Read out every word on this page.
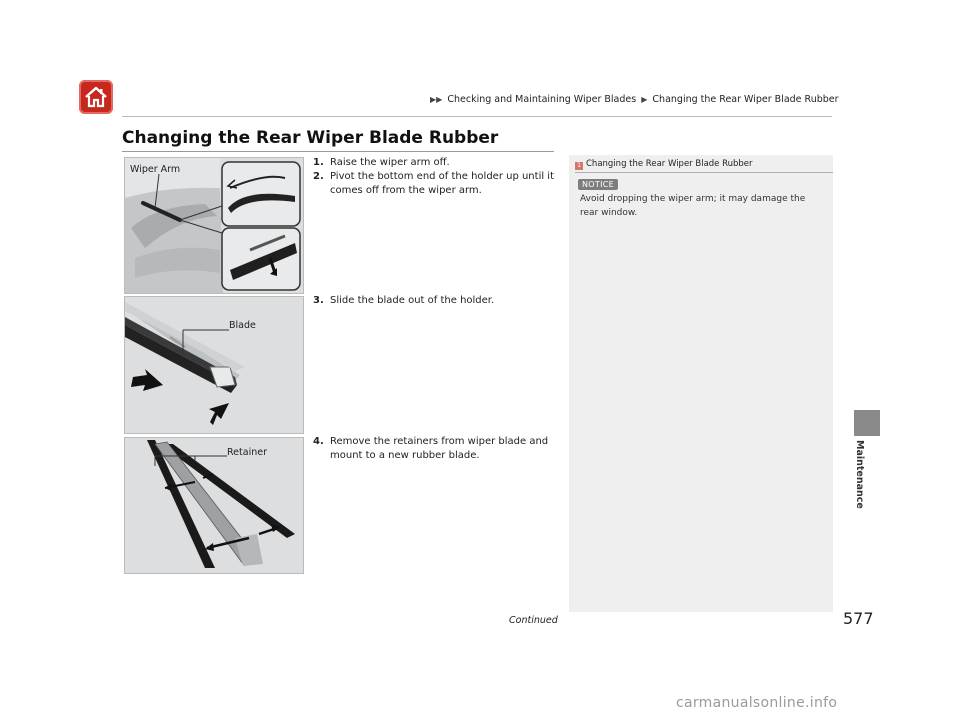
▶▶ Checking and Maintaining Wiper Blades ▶ Changing the Rear Wiper Blade Rubber
Changing the Rear Wiper Blade Rubber
Wiper Arm
Blade
Retainer
1. Raise the wiper arm off.
2. Pivot the bottom end of the holder up until it comes off from the wiper arm.
3. Slide the blade out of the holder.
4. Remove the retainers from wiper blade and mount to a new rubber blade.
1 Changing the Rear Wiper Blade Rubber
NOTICE
Avoid dropping the wiper arm; it may damage the rear window.
Maintenance
Continued	577
carmanualsonline.info
